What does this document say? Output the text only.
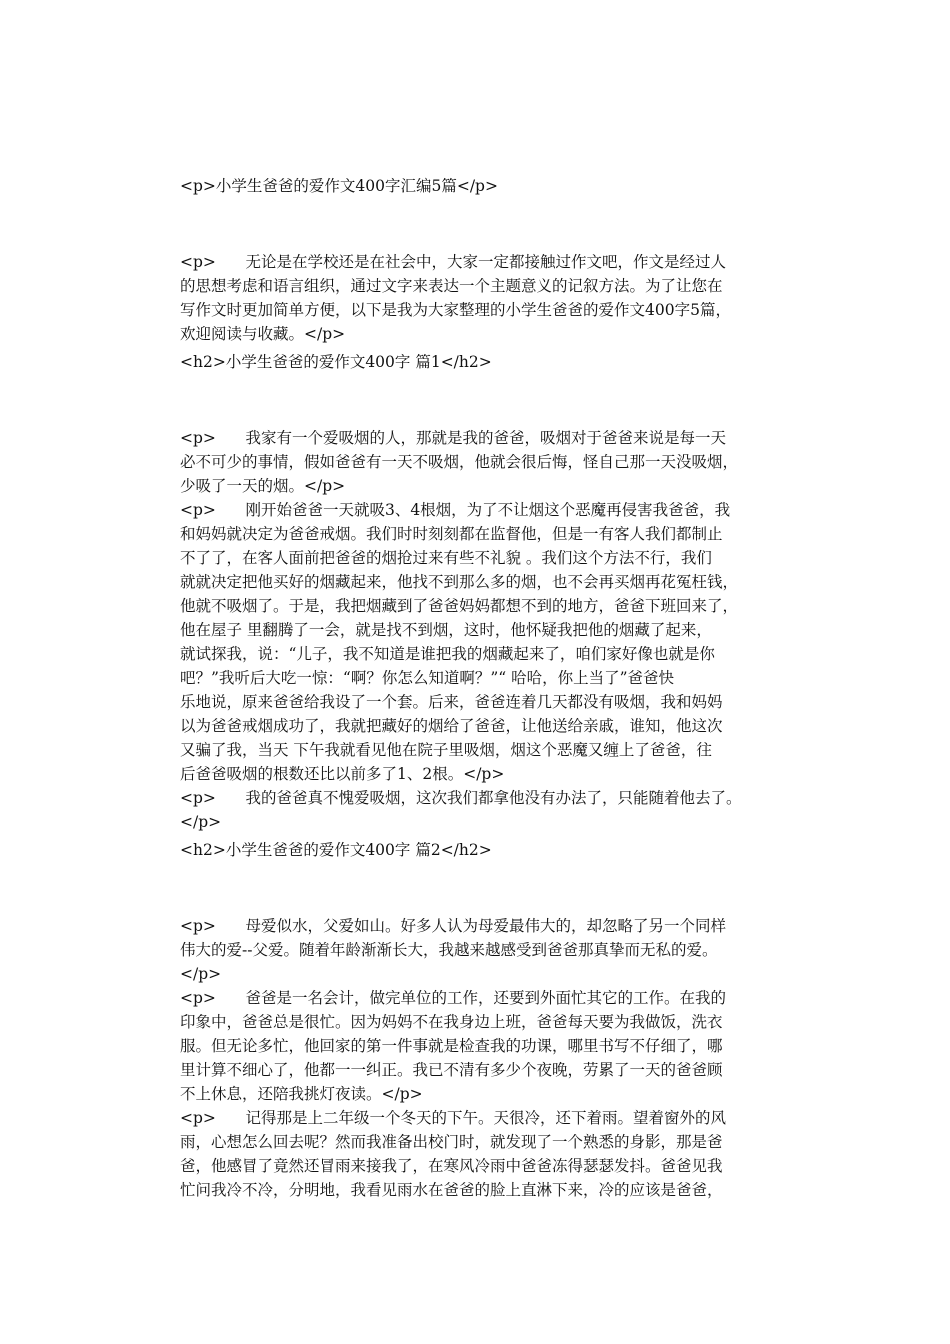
<p>小学生爸爸的爱作文400字汇编5篇</p>
<p>      无论是在学校还是在社会中，大家一定都接触过作文吧，作文是经过人
的思想考虑和语言组织，通过文字来表达一个主题意义的记叙方法。为了让您在
写作文时更加简单方便，以下是我为大家整理的小学生爸爸的爱作文400字5篇，
欢迎阅读与收藏。</p>
<h2>小学生爸爸的爱作文400字 篇1</h2>
<p>      我家有一个爱吸烟的人，那就是我的爸爸，吸烟对于爸爸来说是每一天
必不可少的事情，假如爸爸有一天不吸烟，他就会很后悔，怪自己那一天没吸烟，
少吸了一天的烟。</p>
<p>      刚开始爸爸一天就吸3、4根烟，为了不让烟这个恶魔再侵害我爸爸，我
和妈妈就决定为爸爸戒烟。我们时时刻刻都在监督他，但是一有客人我们都制止
不了了，在客人面前把爸爸的烟抢过来有些不礼貌 。我们这个方法不行，我们
就就决定把他买好的烟藏起来，他找不到那么多的烟，也不会再买烟再花冤枉钱，
他就不吸烟了。于是，我把烟藏到了爸爸妈妈都想不到的地方，爸爸下班回来了，
他在屋子 里翻腾了一会，就是找不到烟，这时，他怀疑我把他的烟藏了起来，
就试探我，说：“儿子，我不知道是谁把我的烟藏起来了，咱们家好像也就是你
吧？”我听后大吃一惊：“啊？你怎么知道啊？”“ 哈哈，你上当了”爸爸快
乐地说，原来爸爸给我设了一个套。后来，爸爸连着几天都没有吸烟，我和妈妈
以为爸爸戒烟成功了，我就把藏好的烟给了爸爸，让他送给亲戚，谁知，他这次
又骗了我，当天 下午我就看见他在院子里吸烟，烟这个恶魔又缠上了爸爸，往
后爸爸吸烟的根数还比以前多了1、2根。</p>
<p>      我的爸爸真不愧爱吸烟，这次我们都拿他没有办法了，只能随着他去了。
</p>
<h2>小学生爸爸的爱作文400字 篇2</h2>
<p>      母爱似水，父爱如山。好多人认为母爱最伟大的，却忽略了另一个同样
伟大的爱--父爱。随着年龄渐渐长大，我越来越感受到爸爸那真挚而无私的爱。
</p>
<p>      爸爸是一名会计，做完单位的工作，还要到外面忙其它的工作。在我的
印象中，爸爸总是很忙。因为妈妈不在我身边上班，爸爸每天要为我做饭，洗衣
服。但无论多忙，他回家的第一件事就是检查我的功课，哪里书写不仔细了，哪
里计算不细心了，他都一一纠正。我已不清有多少个夜晚，劳累了一天的爸爸顾
不上休息，还陪我挑灯夜读。</p>
<p>      记得那是上二年级一个冬天的下午。天很冷，还下着雨。望着窗外的风
雨，心想怎么回去呢？然而我准备出校门时，就发现了一个熟悉的身影，那是爸
爸，他感冒了竟然还冒雨来接我了，在寒风冷雨中爸爸冻得瑟瑟发抖。爸爸见我
忙问我冷不冷，分明地，我看见雨水在爸爸的脸上直淋下来，冷的应该是爸爸，
